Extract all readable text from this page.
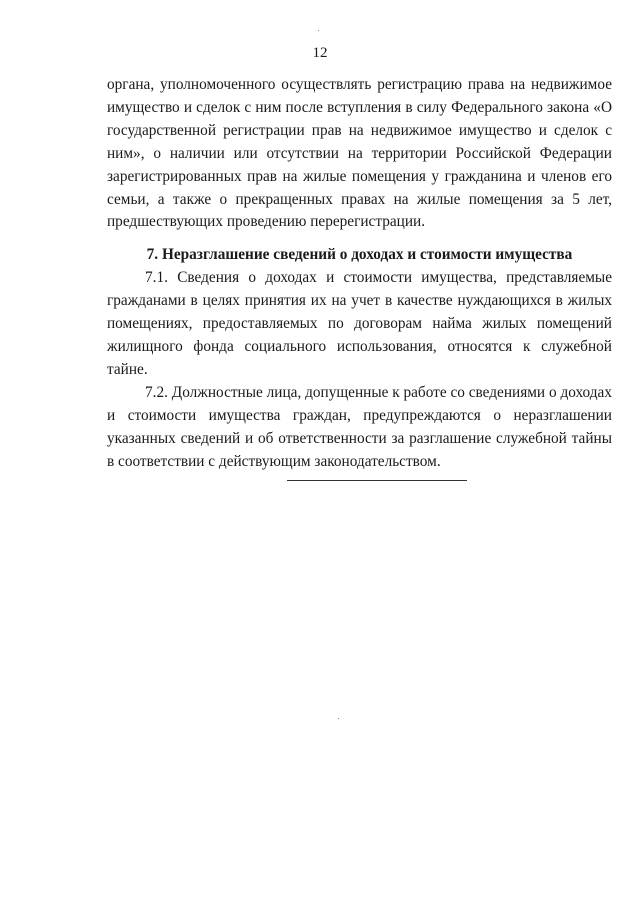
12

органа, уполномоченного осуществлять регистрацию права на недвижимое имущество и сделок с ним после вступления в силу Федерального закона «О государственной регистрации прав на недвижимое имущество и сделок с ним», о наличии или отсутствии на территории Российской Федерации зарегистрированных прав на жилые помещения у гражданина и членов его семьи, а также о прекращенных правах на жилые помещения за 5 лет, предшествующих проведению перерегистрации.

7. Неразглашение сведений о доходах и стоимости имущества

7.1. Сведения о доходах и стоимости имущества, представляемые гражданами в целях принятия их на учет в качестве нуждающихся в жилых помещениях, предоставляемых по договорам найма жилых помещений жилищного фонда социального использования, относятся к служебной тайне.

7.2. Должностные лица, допущенные к работе со сведениями о доходах и стоимости имущества граждан, предупреждаются о неразглашении указанных сведений и об ответственности за разглашение служебной тайны в соответствии с действующим законодательством.
